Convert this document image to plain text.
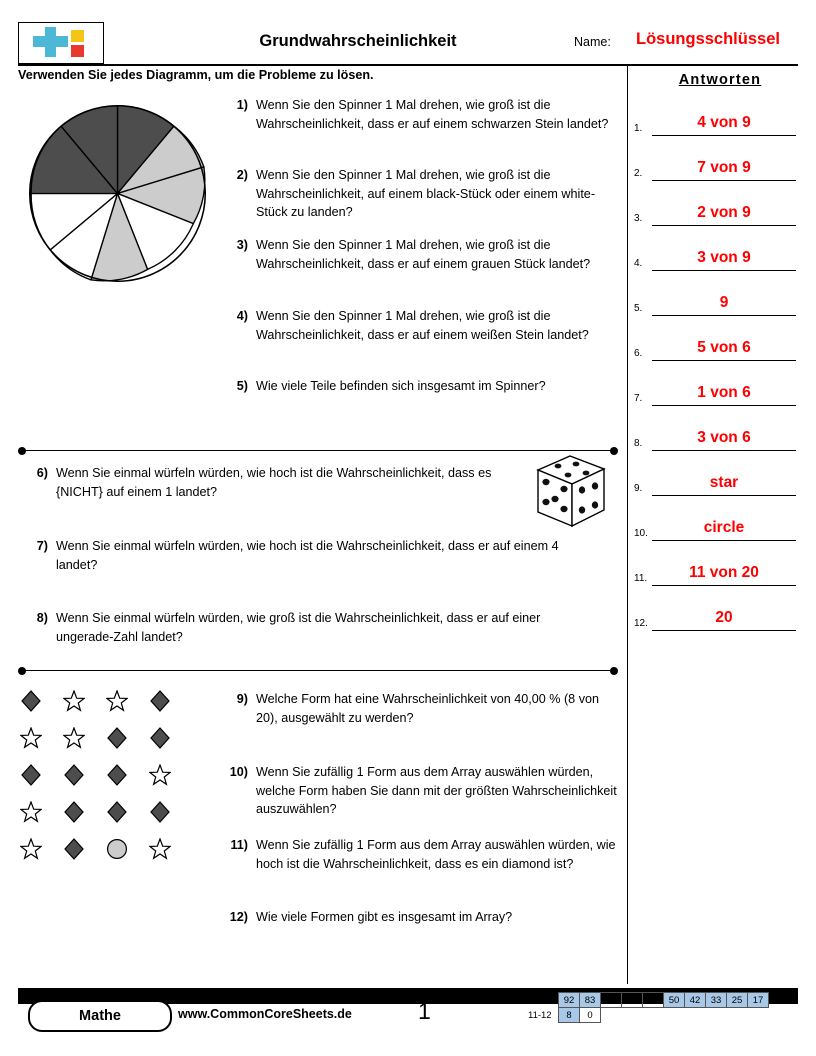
Grundwahrscheinlichkeit	Name: Lösungsschlüssel
Verwenden Sie jedes Diagramm, um die Probleme zu lösen.	Antworten
1.	4 von 9
2.	7 von 9
3.	2 von 9
4.	3 von 9
5.	9
6.	5 von 6
7.	1 von 6
8.	3 von 6
9.	star
10.	circle
11.	11 von 20
12.	20
1) Wenn Sie den Spinner 1 Mal drehen, wie groß ist die Wahrscheinlichkeit, dass er auf einem schwarzen Stein landet?
2) Wenn Sie den Spinner 1 Mal drehen, wie groß ist die Wahrscheinlichkeit, auf einem black-Stück oder einem white-Stück zu landen?
3) Wenn Sie den Spinner 1 Mal drehen, wie groß ist die Wahrscheinlichkeit, dass er auf einem grauen Stück landet?
4) Wenn Sie den Spinner 1 Mal drehen, wie groß ist die Wahrscheinlichkeit, dass er auf einem weißen Stein landet?
5) Wie viele Teile befinden sich insgesamt im Spinner?
6) Wenn Sie einmal würfeln würden, wie hoch ist die Wahrscheinlichkeit, dass es {NICHT} auf einem 1 landet?
7) Wenn Sie einmal würfeln würden, wie hoch ist die Wahrscheinlichkeit, dass er auf einem 4 landet?
8) Wenn Sie einmal würfeln würden, wie groß ist die Wahrscheinlichkeit, dass er auf einer ungerade-Zahl landet?
9) Welche Form hat eine Wahrscheinlichkeit von 40,00 % (8 von 20), ausgewählt zu werden?
10) Wenn Sie zufällig 1 Form aus dem Array auswählen würden, welche Form haben Sie dann mit der größten Wahrscheinlichkeit auszuwählen?
11) Wenn Sie zufällig 1 Form aus dem Array auswählen würden, wie hoch ist die Wahrscheinlichkeit, dass es ein diamond ist?
12) Wie viele Formen gibt es insgesamt im Array?
Mathe	www.CommonCoreSheets.de	1	1-10	92	83	75	67	58	50	42	33	25	17
11-12	8	0								
